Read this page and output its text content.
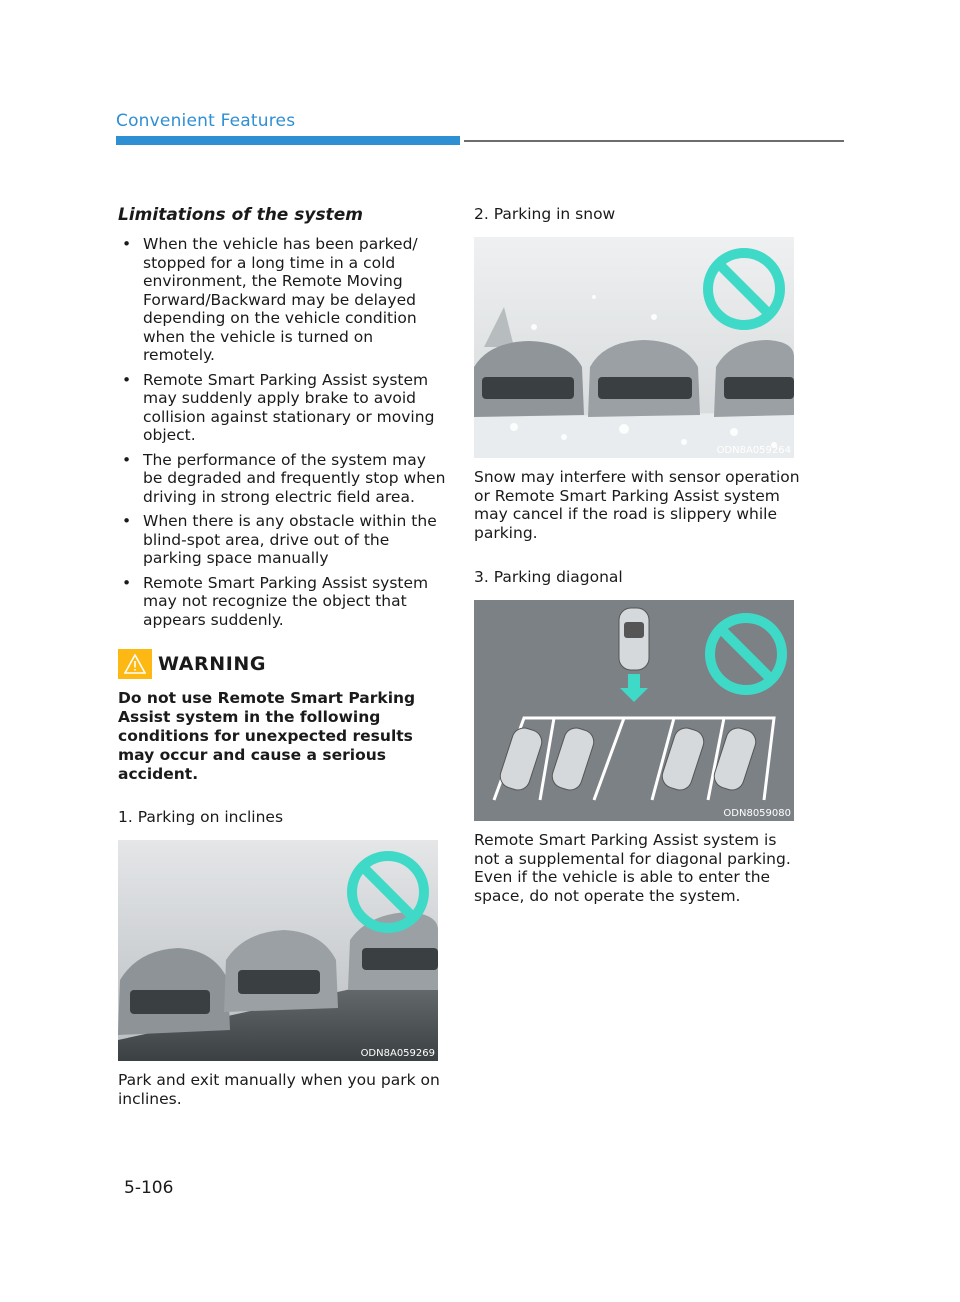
Convenient Features
Limitations of the system
• When the vehicle has been parked/ stopped for a long time in a cold environment, the Remote Moving Forward/Backward may be delayed depending on the vehicle condition when the vehicle is turned on remotely.
• Remote Smart Parking Assist system may suddenly apply brake to avoid collision against stationary or moving object.
• The performance of the system may be degraded and frequently stop when driving in strong electric field area.
• When there is any obstacle within the blind-spot area, drive out of the parking space manually
• Remote Smart Parking Assist system may not recognize the object that appears suddenly.
WARNING
Do not use Remote Smart Parking Assist system in the following conditions for unexpected results may occur and cause a serious accident.
1. Parking on inclines
ODN8A059269
Park and exit manually when you park on inclines.
2. Parking in snow
ODN8A059264
Snow may interfere with sensor operation or Remote Smart Parking Assist system may cancel if the road is slippery while parking.
3. Parking diagonal
ODN8059080
Remote Smart Parking Assist system is not a supplemental for diagonal parking. Even if the vehicle is able to enter the space, do not operate the system.
5-106
